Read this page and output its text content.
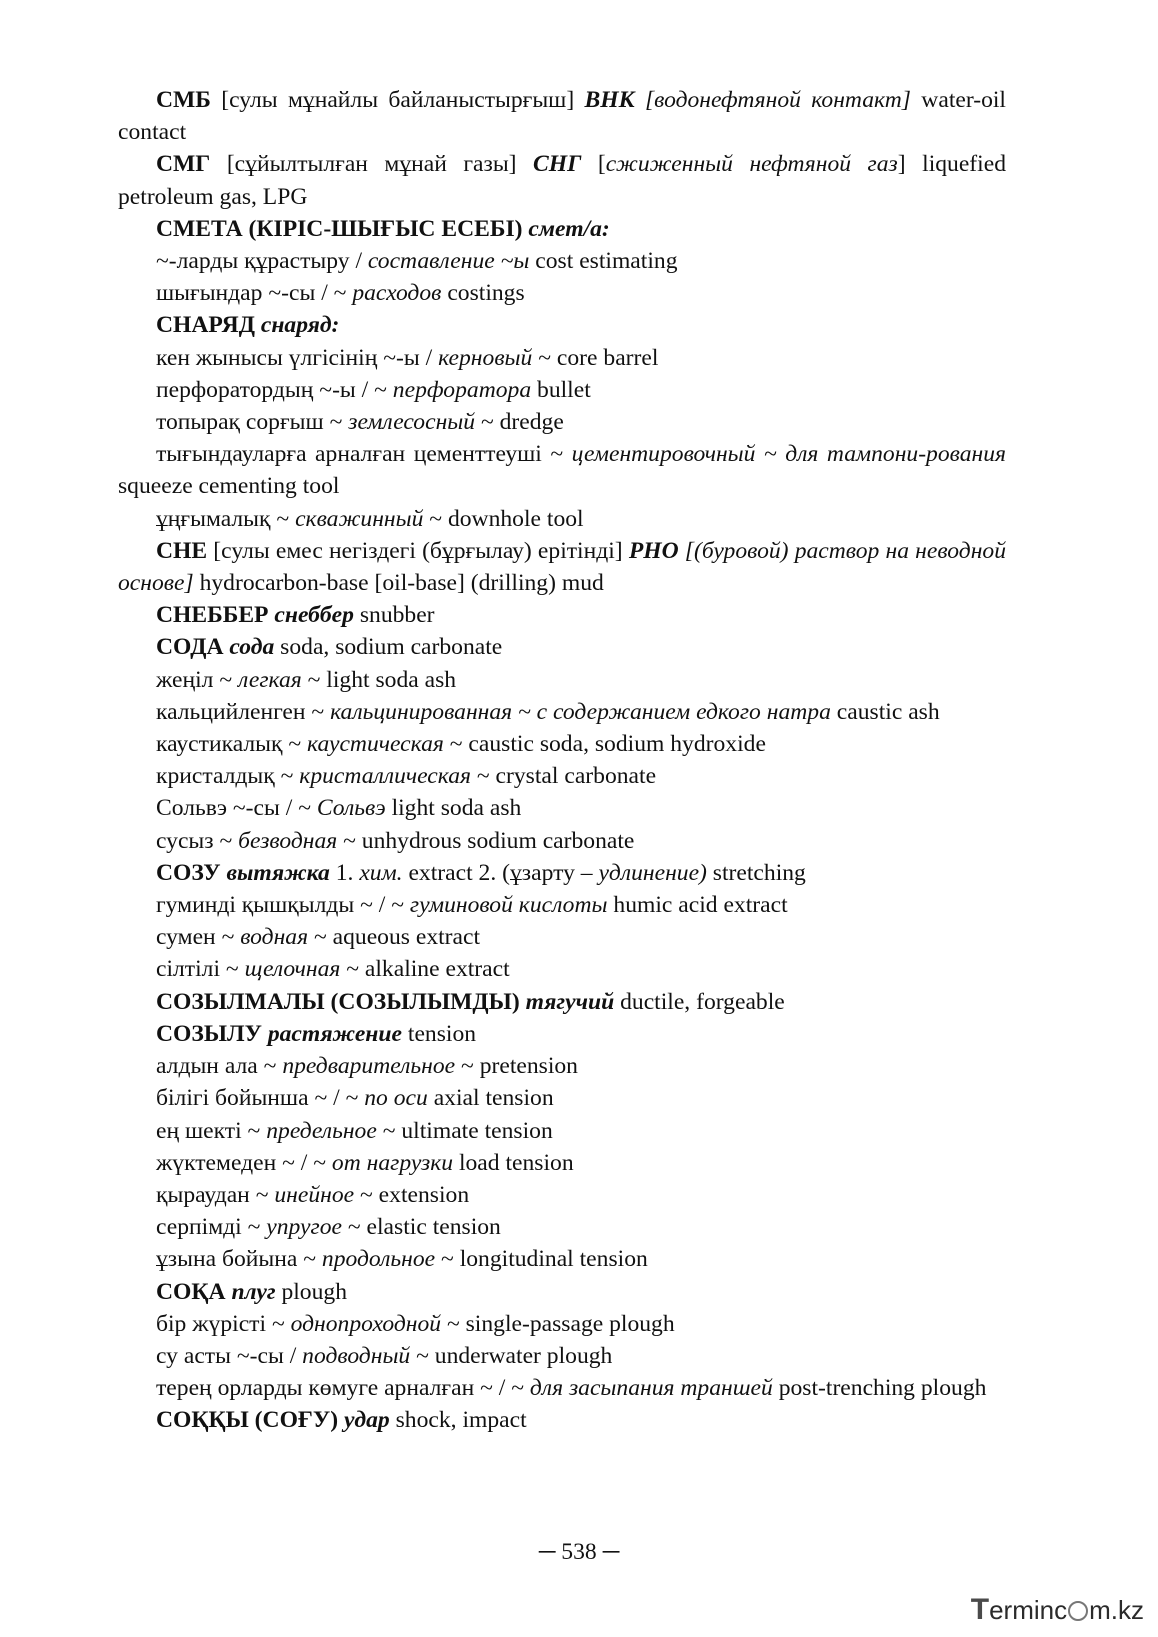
СМБ [сулы мұнайлы байланыстырғыш] ВНК [водонефтяной контакт] water-oil contact
СМГ [сұйылтылған мұнай газы] СНГ [сжиженный нефтяной газ] liquefied petroleum gas, LPG
СМЕТА (КІРІС-ШЫҒЫС ЕСЕБІ) смет/а:
~-ларды құрастыру / составление ~ы cost estimating
шығындар ~-сы / ~ расходов costings
СНАРЯД снаряд:
кен жынысы үлгісінің ~-ы / керновый ~ core barrel
перфоратордың ~-ы / ~ перфоратора bullet
топырақ сорғыш ~ землесосный ~ dredge
тығындауларға арналған цементтеуші ~ цементировочный ~ для тампони-рования squeeze cementing tool
ұңғымалық ~ скважинный ~ downhole tool
СНЕ [сулы емес негіздегі (бұрғылау) ерітінді] РНО [(буровой) раствор на неводной основе] hydrocarbon-base [oil-base] (drilling) mud
СНЕББЕР снеббер snubber
СОДА сода soda, sodium carbonate
жеңіл ~ легкая ~ light soda ash
кальцийленген ~ кальцинированная ~ с содержанием едкого натра caustic ash
каустикалық ~ каустическая ~ caustic soda, sodium hydroxide
кристалдық ~ кристаллическая ~ crystal carbonate
Сольвэ ~-сы / ~ Сольвэ light soda ash
сусыз ~ безводная ~ unhydrous sodium carbonate
СОЗУ вытяжка 1. хим. extract 2. (ұзарту – удлинение) stretching
гуминді қышқылды ~ / ~ гуминовой кислоты humic acid extract
сумен ~ водная ~ aqueous extract
сілтілі ~ щелочная ~ alkaline extract
СОЗЫЛМАЛЫ (СОЗЫЛЫМДЫ) тягучий ductile, forgeable
СОЗЫЛУ растяжение tension
алдын ала ~ предварительное ~ pretension
білігі бойынша ~ / ~ по оси axial tension
ең шекті ~ предельное ~ ultimate tension
жүктемеден ~ / ~ от нагрузки load tension
қыраудан ~ инейное ~ extension
серпімді ~ упругое ~ elastic tension
ұзына бойына ~ продольное ~ longitudinal tension
СОҚА плуг plough
бір жүрісті ~ однопроходной ~ single-passage plough
су асты ~-сы / подводный ~ underwater plough
терең орларды көмуге арналған ~ / ~ для засыпания траншей post-trenching plough
СОҚҚЫ (СОҒУ) удар shock, impact
─ 538 ─
Terminc m.kz
